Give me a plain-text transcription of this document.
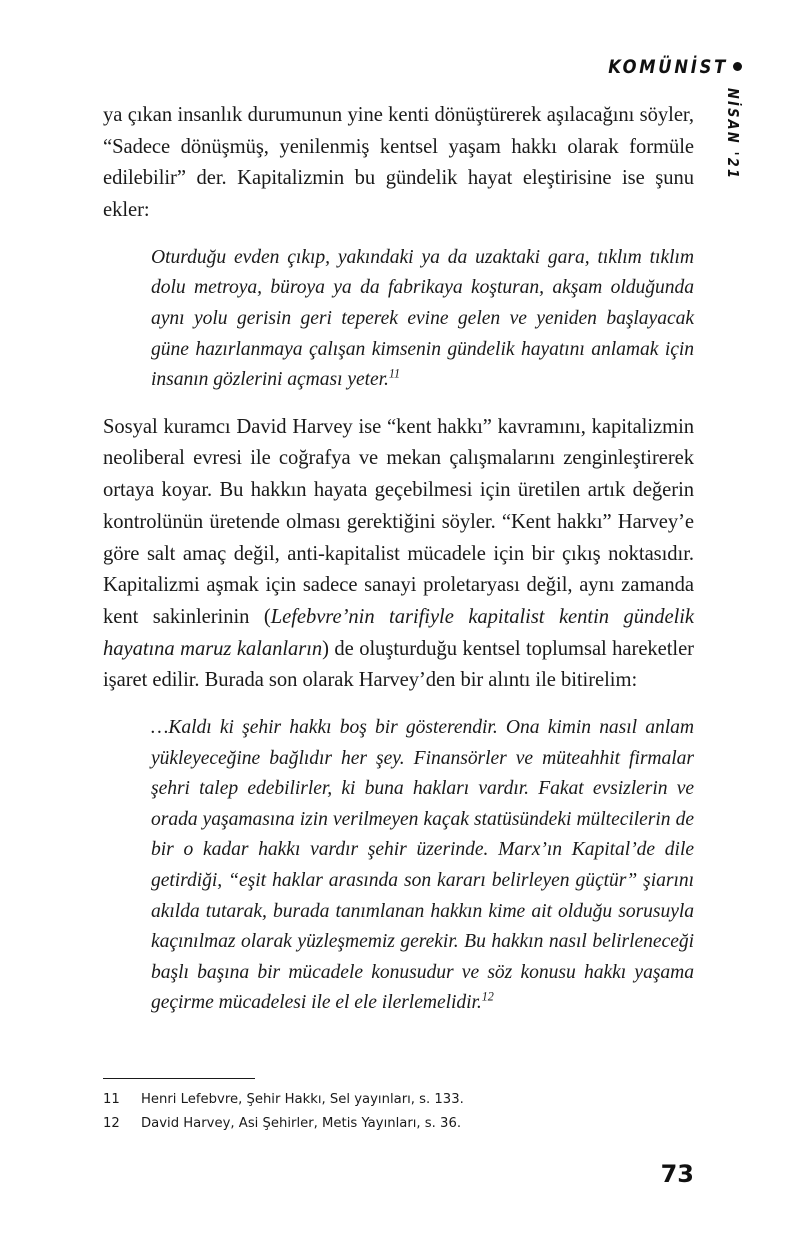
KOMÜNİST
NİSAN '21

ya çıkan insanlık durumunun yine kenti dönüştürerek aşılacağını söyler, “Sadece dönüşmüş, yenilenmiş kentsel yaşam hakkı olarak formüle edilebilir” der. Kapitalizmin bu gündelik hayat eleştirisine ise şunu ekler:

Oturduğu evden çıkıp, yakındaki ya da uzaktaki gara, tıklım tıklım dolu metroya, büroya ya da fabrikaya koşturan, akşam olduğunda aynı yolu gerisin geri teperek evine gelen ve yeniden başlayacak güne hazırlanmaya çalışan kimsenin gündelik hayatını anlamak için insanın gözlerini açması yeter.$^{11}$

Sosyal kuramcı David Harvey ise “kent hakkı” kavramını, kapitalizmin neoliberal evresi ile coğrafya ve mekan çalışmalarını zenginleştirerek ortaya koyar. Bu hakkın hayata geçebilmesi için üretilen artık değerin kontrolünün üretende olması gerektiğini söyler. “Kent hakkı” Harvey’e göre salt amaç değil, anti-kapitalist mücadele için bir çıkış noktasıdır. Kapitalizmi aşmak için sadece sanayi proletaryası değil, aynı zamanda kent sakinlerinin (Lefebvre’nin tarifiyle kapitalist kentin gündelik hayatına maruz kalanların) de oluşturduğu kentsel toplumsal hareketler işaret edilir. Burada son olarak Harvey’den bir alıntı ile bitirelim:

…Kaldı ki şehir hakkı boş bir gösterendir. Ona kimin nasıl anlam yükleyeceğine bağlıdır her şey. Finansörler ve müteahhit firmalar şehri talep edebilirler, ki buna hakları vardır. Fakat evsizlerin ve orada yaşamasına izin verilmeyen kaçak statüsündeki mültecilerin de bir o kadar hakkı vardır şehir üzerinde. Marx’ın Kapital’de dile getirdiği, “eşit haklar arasında son kararı belirleyen güçtür” şiarını akılda tutarak, burada tanımlanan hakkın kime ait olduğu sorusuyla kaçınılmaz olarak yüzleşmemiz gerekir. Bu hakkın nasıl belirleneceği başlı başına bir mücadele konusudur ve söz konusu hakkı yaşama geçirme mücadelesi ile el ele ilerlemelidir.$^{12}$

11	Henri Lefebvre, Şehir Hakkı, Sel yayınları, s. 133.
12	David Harvey, Asi Şehirler, Metis Yayınları, s. 36.
73
